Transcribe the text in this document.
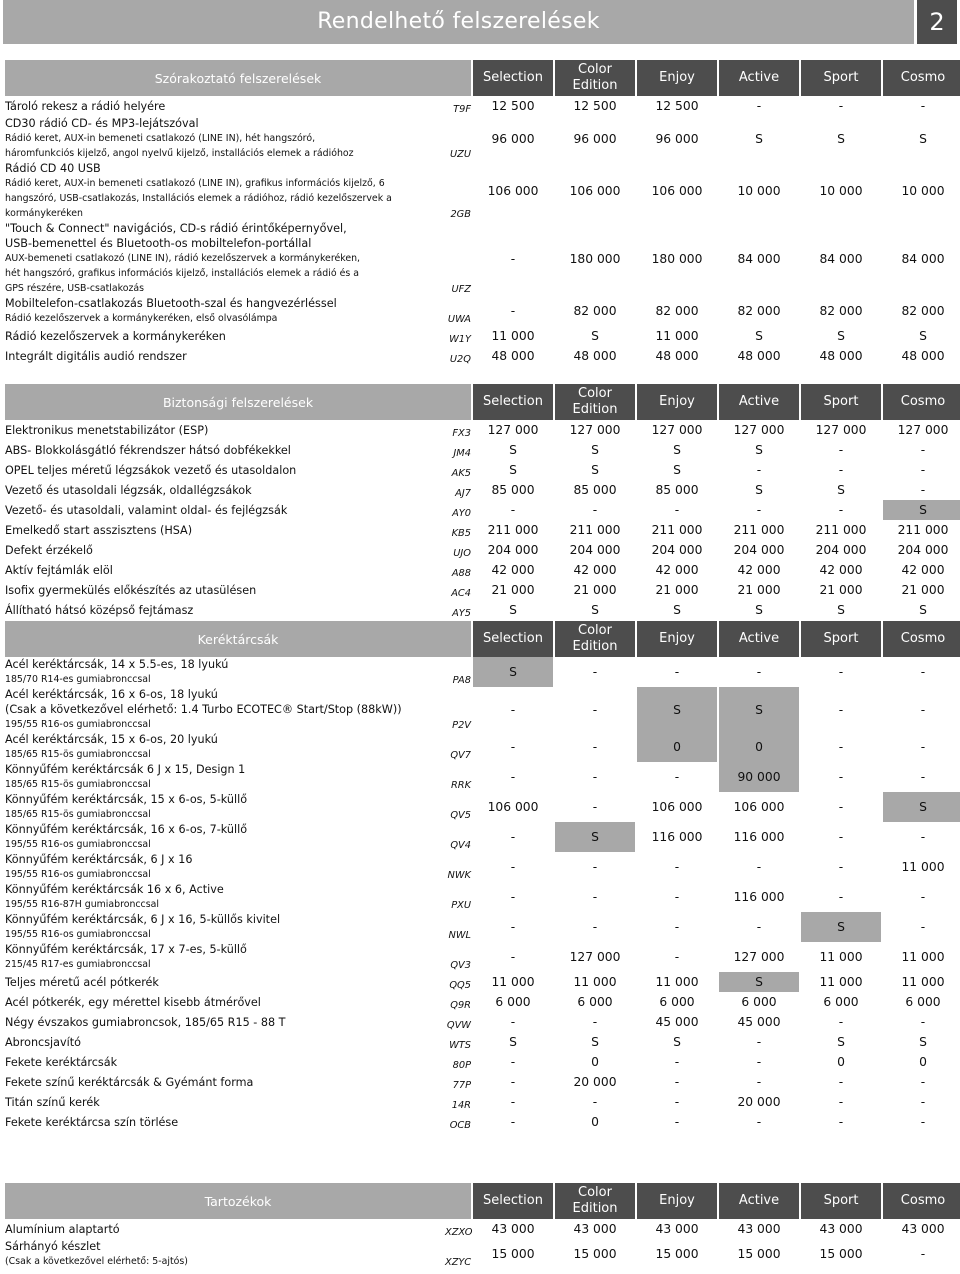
Rendelhető felszerelések	2
Szórakoztató felszerelések		Selection	Color Edition	Enjoy	Active	Sport	Cosmo

Tároló rekesz a rádió helyére	T9F	12 500	12 500	12 500	-	-	-

CD30 rádió CD- és MP3-lejátszóval
Rádió keret, AUX-in bemeneti csatlakozó (LINE IN), hét hangszóró,
háromfunkciós kijelző, angol nyelvű kijelző, installációs elemek a rádióhoz	UZU	96 000	96 000	96 000	S	S	S

Rádió CD 40 USB
Rádió keret, AUX-in bemeneti csatlakozó (LINE IN), grafikus információs kijelző, 6
hangszóró, USB-csatlakozás, Installációs elemek a rádióhoz, rádió kezelőszervek a
kormánykeréken	2GB	106 000	106 000	106 000	10 000	10 000	10 000

"Touch & Connect" navigációs, CD-s rádió érintőképernyővel,
USB-bemenettel és Bluetooth-os mobiltelefon-portállal
AUX-bemeneti csatlakozó (LINE IN), rádió kezelőszervek a kormánykeréken,
hét hangszóró, grafikus információs kijelző, installációs elemek a rádió és a
GPS részére, USB-csatlakozás	UFZ	-	180 000	180 000	84 000	84 000	84 000

Mobiltelefon-csatlakozás Bluetooth-szal és hangvezérléssel
Rádió kezelőszervek a kormánykeréken, első olvasólámpa	UWA	-	82 000	82 000	82 000	82 000	82 000

Rádió kezelőszervek a kormánykeréken	W1Y	11 000	S	11 000	S	S	S

Integrált digitális audió rendszer	U2Q	48 000	48 000	48 000	48 000	48 000	48 000
Biztonsági felszerelések		Selection	Color Edition	Enjoy	Active	Sport	Cosmo

Elektronikus menetstabilizátor (ESP)	FX3	127 000	127 000	127 000	127 000	127 000	127 000

ABS- Blokkolásgátló fékrendszer hátsó dobfékekkel	JM4	S	S	S	S	-	-

OPEL teljes méretű légzsákok vezető és utasoldalon	AK5	S	S	S	-	-	-

Vezető és utasoldali légzsák, oldallégzsákok	AJ7	85 000	85 000	85 000	S	S	-

Vezető- és utasoldali, valamint oldal- és fejlégzsák	AY0	-	-	-	-	-	S

Emelkedő start asszisztens (HSA)	KB5	211 000	211 000	211 000	211 000	211 000	211 000

Defekt érzékelő	UJO	204 000	204 000	204 000	204 000	204 000	204 000

Aktív fejtámlák elöl	A88	42 000	42 000	42 000	42 000	42 000	42 000

Isofix gyermekülés előkészítés az utasülésen	AC4	21 000	21 000	21 000	21 000	21 000	21 000

Állítható hátsó középső fejtámasz	AY5	S	S	S	S	S	S
Keréktárcsák		Selection	Color Edition	Enjoy	Active	Sport	Cosmo

Acél keréktárcsák, 14 x 5.5-es, 18 lyukú
185/70 R14-es gumiabronccsal	PA8	S	-	-	-	-	-

Acél keréktárcsák, 16 x 6-os, 18 lyukú
(Csak a következővel elérhető: 1.4 Turbo ECOTEC® Start/Stop (88kW))
195/55 R16-os gumiabronccsal	P2V	-	-	S	S	-	-

Acél keréktárcsák, 15 x 6-os, 20 lyukú
185/65 R15-ös gumiabronccsal	QV7	-	-	0	0	-	-

Könnyűfém keréktárcsák 6 J x 15, Design 1
185/65 R15-ös gumiabronccsal	RRK	-	-	-	90 000	-	-

Könnyűfém keréktárcsák, 15 x 6-os, 5-küllő
185/65 R15-ös gumiabronccsal	QV5	106 000	-	106 000	106 000	-	S

Könnyűfém keréktárcsák, 16 x 6-os, 7-küllő
195/55 R16-os gumiabronccsal	QV4	-	S	116 000	116 000	-	-

Könnyűfém keréktárcsák, 6 J x 16
195/55 R16-os gumiabronccsal	NWK	-	-	-	-	-	11 000

Könnyűfém keréktárcsák 16 x 6, Active
195/55 R16-87H gumiabronccsal	PXU	-	-	-	116 000	-	-

Könnyűfém keréktárcsák, 6 J x 16, 5-küllős kivitel
195/55 R16-os gumiabronccsal	NWL	-	-	-	-	S	-

Könnyűfém keréktárcsák, 17 x 7-es, 5-küllő
215/45 R17-es gumiabronccsal	QV3	-	127 000	-	127 000	11 000	11 000

Teljes méretű acél pótkerék	QQ5	11 000	11 000	11 000	S	11 000	11 000

Acél pótkerék, egy mérettel kisebb átmérővel	Q9R	6 000	6 000	6 000	6 000	6 000	6 000

Négy évszakos gumiabroncsok, 185/65 R15 - 88 T	QVW	-	-	45 000	45 000	-	-

Abroncsjavító	WTS	S	S	S	-	S	S

Fekete keréktárcsák	80P	-	0	-	-	0	0

Fekete színű keréktárcsák & Gyémánt forma	77P	-	20 000	-	-	-	-

Titán színű kerék	14R	-	-	-	20 000	-	-

Fekete keréktárcsa szín törlése	OCB	-	0	-	-	-	-
Tartozékok		Selection	Color Edition	Enjoy	Active	Sport	Cosmo

Alumínium alaptartó	XZXO	43 000	43 000	43 000	43 000	43 000	43 000

Sárhányó készlet
(Csak a következővel elérhető: 5-ajtós)	XZYC	15 000	15 000	15 000	15 000	15 000	-
